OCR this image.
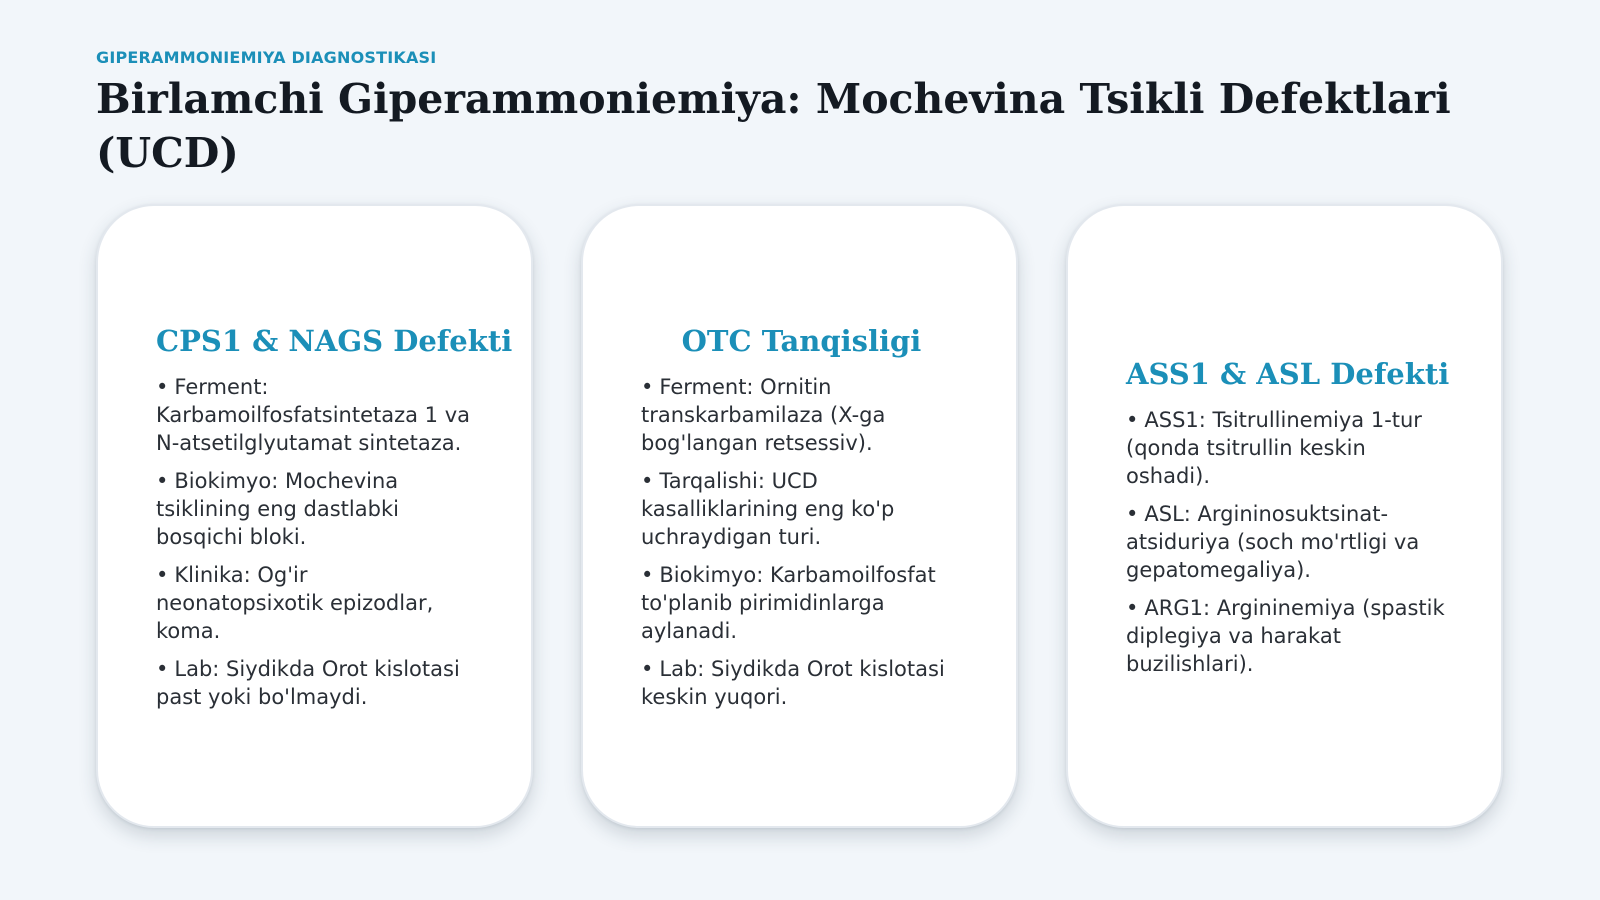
GIPERAMMONIEMIYA DIAGNOSTIKASI
Birlamchi Giperammoniemiya: Mochevina Tsikli Defektlari (UCD)
CPS1 & NAGS Defekti
• Ferment: Karbamoilfosfatsintetaza 1 va N-atsetilglyutamat sintetaza.
• Biokimyo: Mochevina tsiklining eng dastlabki bosqichi bloki.
• Klinika: Og'ir neonatopsixotik epizodlar, koma.
• Lab: Siydikda Orot kislotasi past yoki bo'lmaydi.
OTC Tanqisligi
• Ferment: Ornitin transkarbamilaza (X-ga bog'langan retsessiv).
• Tarqalishi: UCD kasalliklarining eng ko'p uchraydigan turi.
• Biokimyo: Karbamoilfosfat to'planib pirimidinlarga aylanadi.
• Lab: Siydikda Orot kislotasi keskin yuqori.
ASS1 & ASL Defekti
• ASS1: Tsitrullinemiya 1-tur (qonda tsitrullin keskin oshadi).
• ASL: Argininosuktsinat-atsiduriya (soch mo'rtligi va gepatomegaliya).
• ARG1: Argininemiya (spastik diplegiya va harakat buzilishlari).
